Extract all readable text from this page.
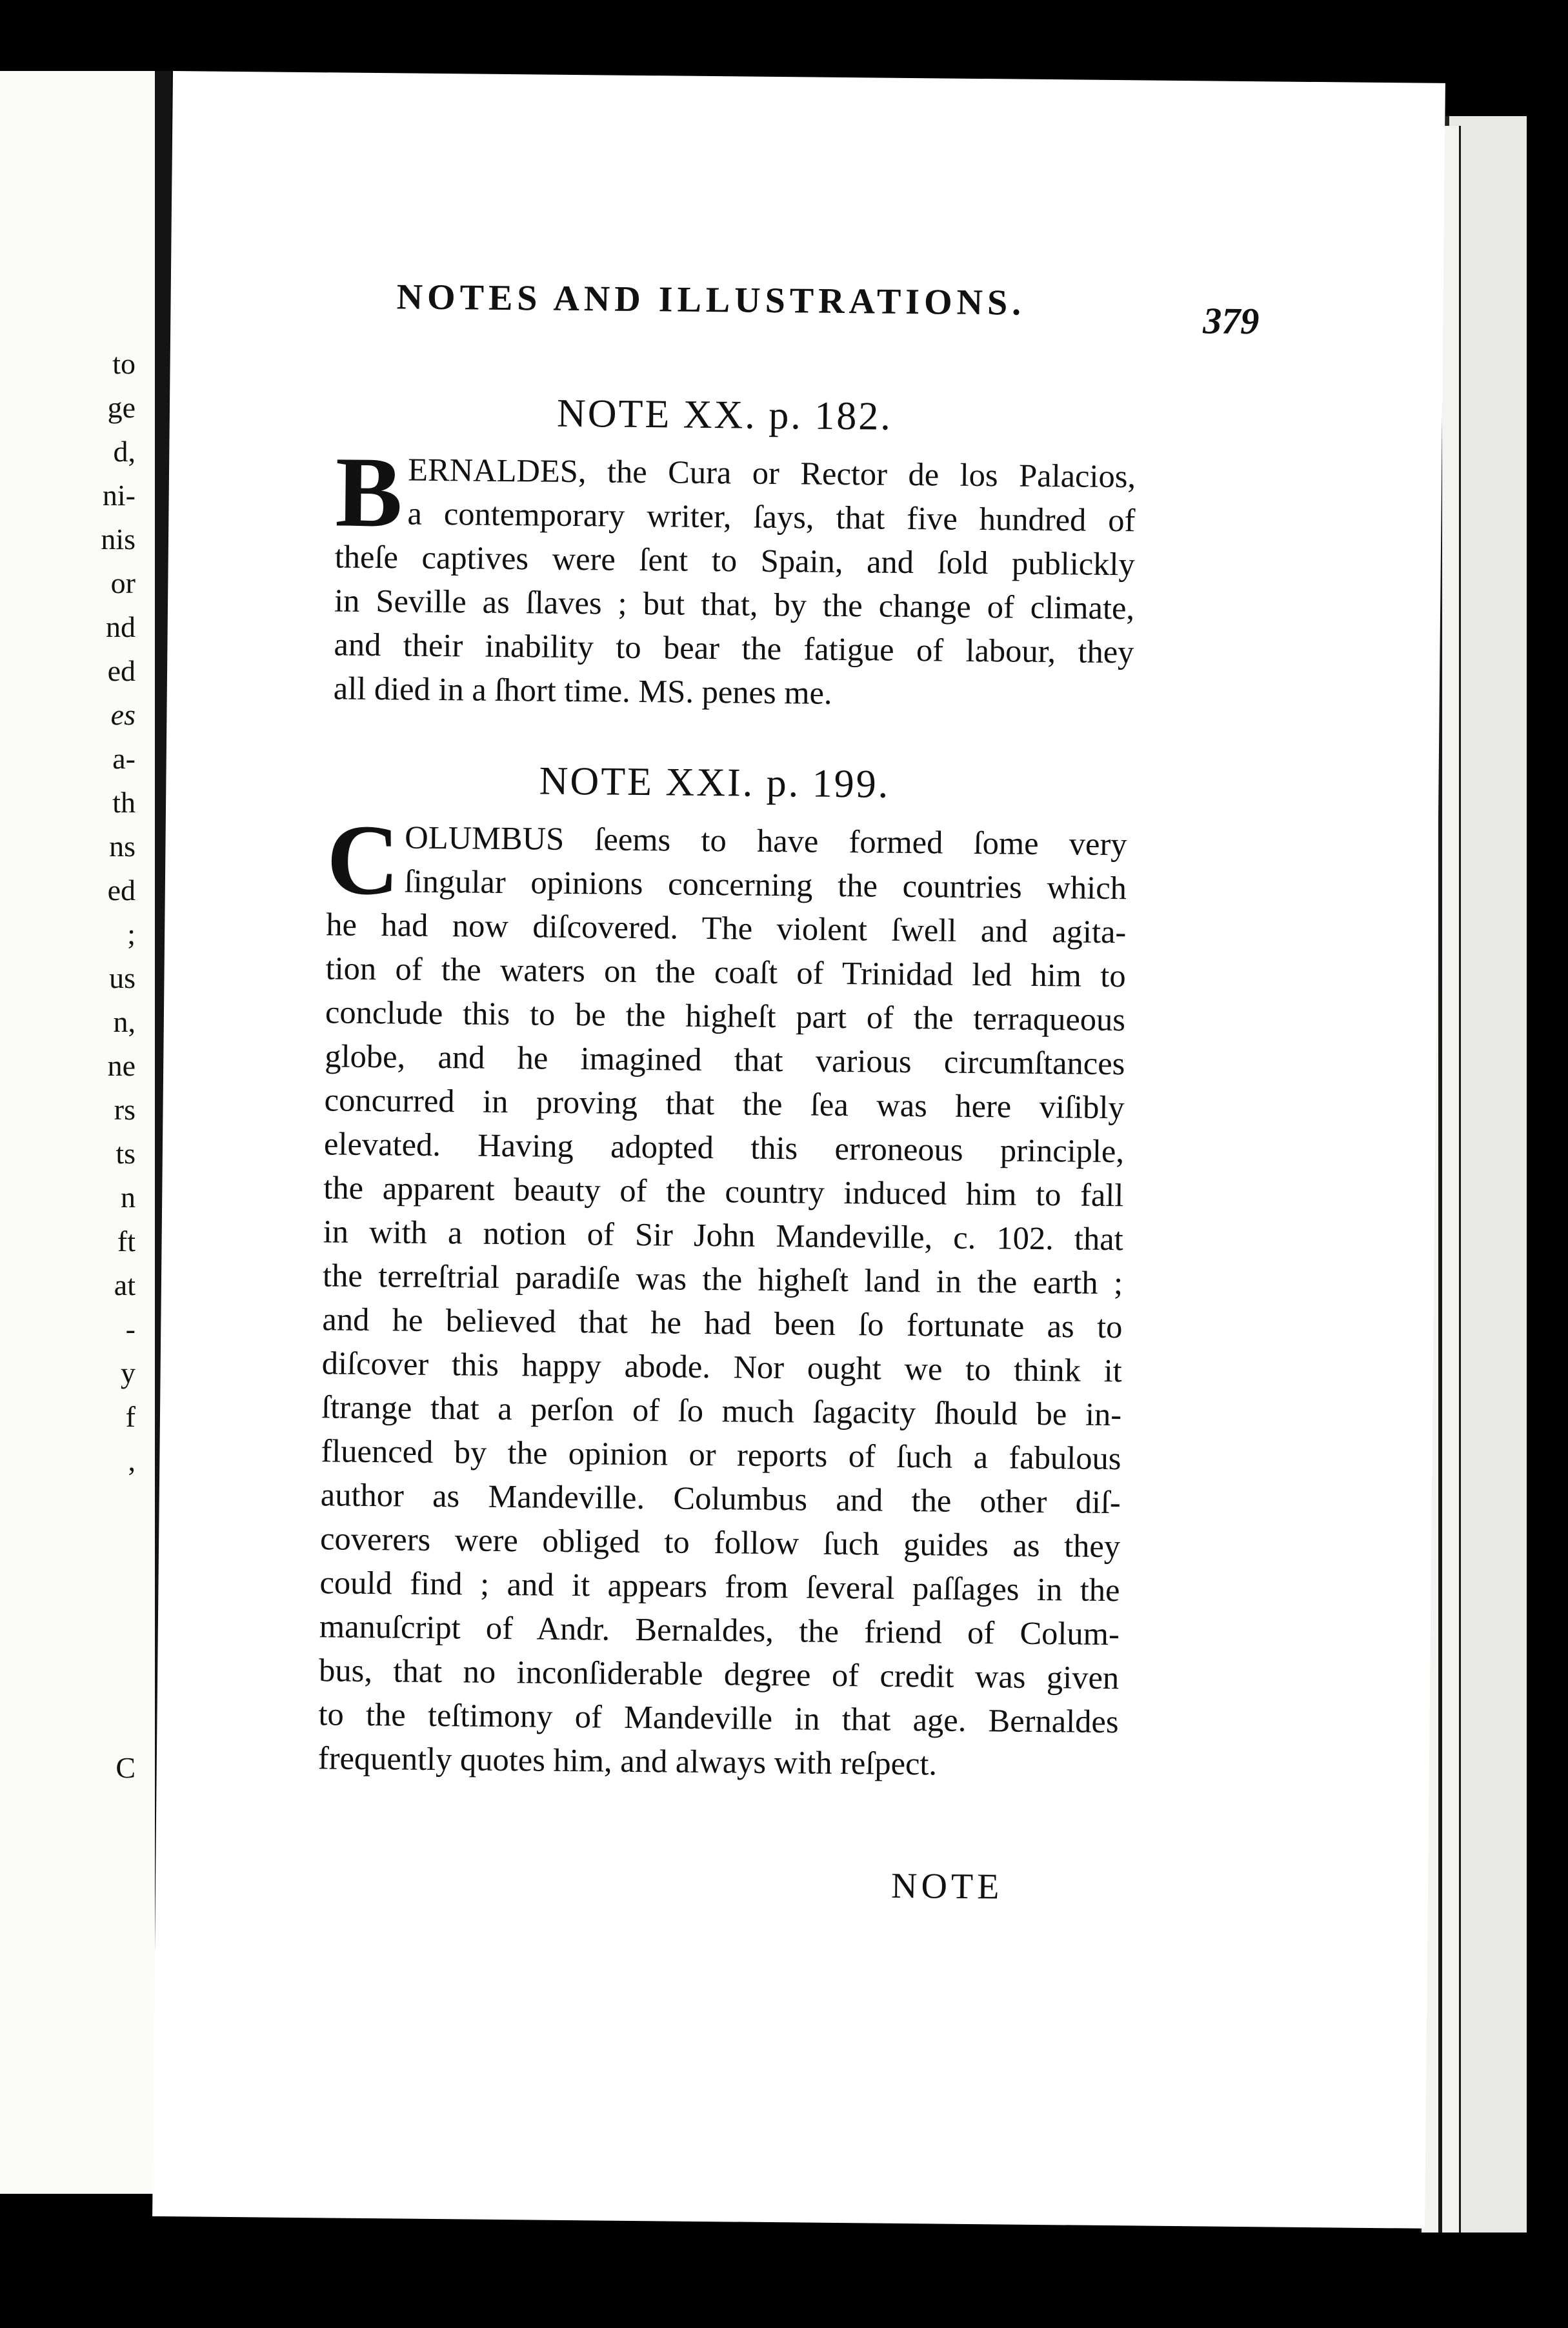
to
ge
d,
ni-
nis
or
nd
ed
es
a-
th
ns
ed
;
us
n,
ne
rs
ts
n
ft
at
-
y
f
,
C
NOTES AND ILLUSTRATIONS.	379
NOTE XX. p. 182.
B ERNALDES, the Cura or Rector de los Palacios,
a contemporary writer, ſays, that five hundred of
theſe captives were ſent to Spain, and ſold publickly
in Seville as ſlaves ; but that, by the change of climate,
and their inability to bear the fatigue of labour, they
all died in a ſhort time. MS. penes me.
NOTE XXI. p. 199.
C OLUMBUS ſeems to have formed ſome very
ſingular opinions concerning the countries which
he had now diſcovered. The violent ſwell and agita-
tion of the waters on the coaſt of Trinidad led him to
conclude this to be the higheſt part of the terraqueous
globe, and he imagined that various circumſtances
concurred in proving that the ſea was here viſibly
elevated. Having adopted this erroneous principle,
the apparent beauty of the country induced him to fall
in with a notion of Sir John Mandeville, c. 102. that
the terreſtrial paradiſe was the higheſt land in the earth ;
and he believed that he had been ſo fortunate as to
diſcover this happy abode. Nor ought we to think it
ſtrange that a perſon of ſo much ſagacity ſhould be in-
fluenced by the opinion or reports of ſuch a fabulous
author as Mandeville. Columbus and the other diſ-
coverers were obliged to follow ſuch guides as they
could find ; and it appears from ſeveral paſſages in the
manuſcript of Andr. Bernaldes, the friend of Colum-
bus, that no inconſiderable degree of credit was given
to the teſtimony of Mandeville in that age. Bernaldes
frequently quotes him, and always with reſpect.
NOTE
